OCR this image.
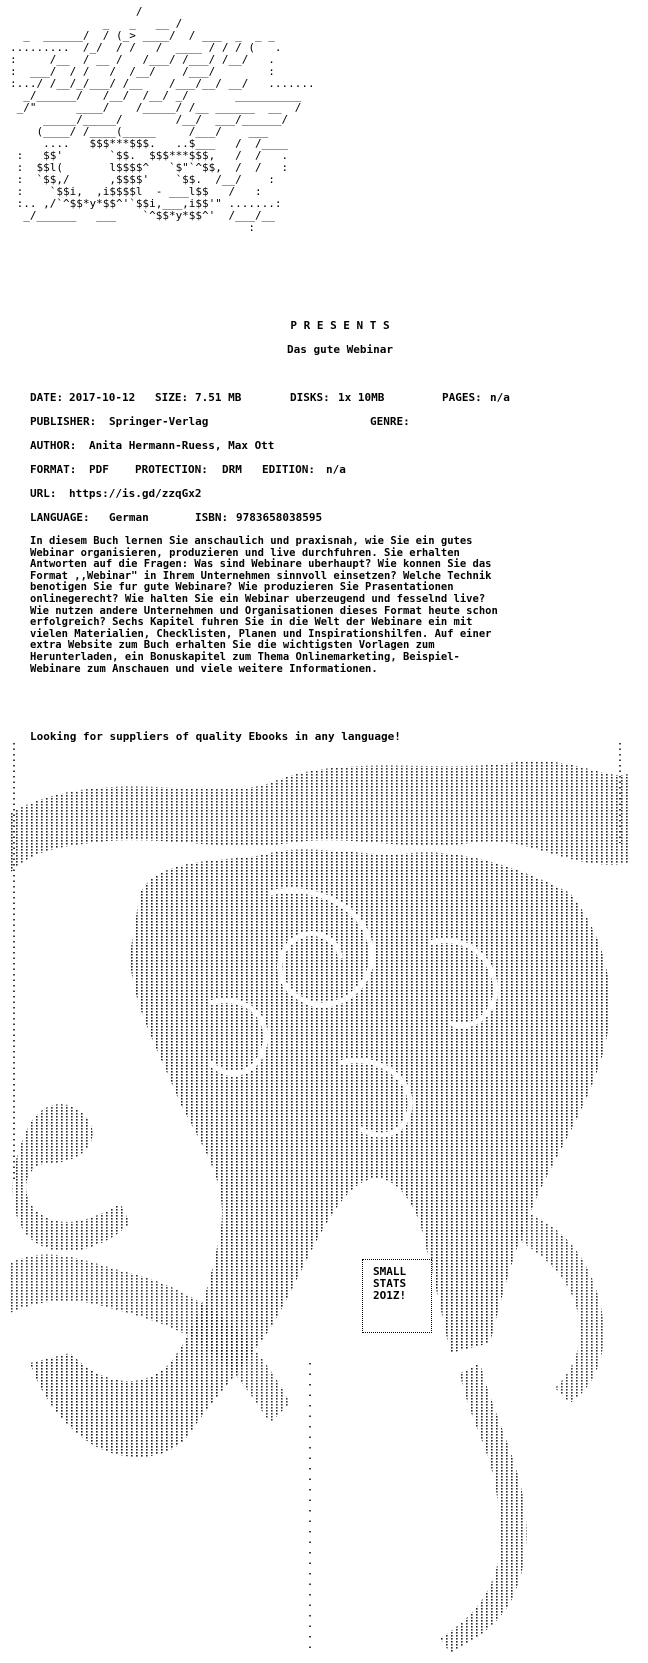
/
_   _   __ /
_  ______/  / (_> ____/  / ___  _  _ _
.........  /_/  / /   /  ____ / / / (   .
:     /__  / __ /   /___/ /___/ /__/   .
:  ___/  / /   /  /__/    /___/        :
:.../ /__/_/___/ /__    /___/__/ __/   .......
_/______/   /__/  /__/ _/       __________
_/"      ____/    /_____/ /__ ______  __  /
_____/_____/        /__/  ___/______/
(____/ /____(_____     /___/    ___
....   $$$***$$$.   ..$___   /  /____
:   $$'       `$$.  $$$***$$$,   /  /   .
:  $$l(       l$$$$^   `$"`^$$,  /  /   :
:  `$$,/      ,$$$$'    `$$.  /__/    :
:    `$$i,  ,i$$$$l  - ___l$$   /   :
:.. ,/`^$$*y*$$^'`$$i,___,i$$'" .......:
_/______   ___    `^$$*y*$$^'  /___/__
:
P R E S E N T S
Das gute Webinar
DATE: 2017-10-12 SIZE: 7.51 MB	DISKS: 1x 10MB	PAGES: n/a
PUBLISHER: Springer-Verlag	GENRE:
AUTHOR: Anita Hermann-Ruess, Max Ott
FORMAT: PDF PROTECTION: DRM EDITION: n/a
URL: https://is.gd/zzqGx2
LANGUAGE: German	ISBN: 9783658038595
In diesem Buch lernen Sie anschaulich und praxisnah, wie Sie ein gutes
Webinar organisieren, produzieren und live durchfuhren. Sie erhalten
Antworten auf die Fragen: Was sind Webinare uberhaupt? Wie konnen Sie das
Format ,,Webinar" in Ihrem Unternehmen sinnvoll einsetzen? Welche Technik
benotigen Sie fur gute Webinare? Wie produzieren Sie Prasentationen
onlinegerecht? Wie halten Sie ein Webinar uberzeugend und fesselnd live?
Wie nutzen andere Unternehmen und Organisationen dieses Format heute schon
erfolgreich? Sechs Kapitel fuhren Sie in die Welt der Webinare ein mit
vielen Materialien, Checklisten, Planen und Inspirationshilfen. Auf einer
extra Website zum Buch erhalten Sie die wichtigsten Vorlagen zum
Herunterladen, ein Bonuskapitel zum Thema Onlinemarketing, Beispiel-
Webinare zum Anschauen und viele weitere Informationen.
Looking for suppliers of quality Ebooks in any language!
SMALL
STATS
2O1Z!
